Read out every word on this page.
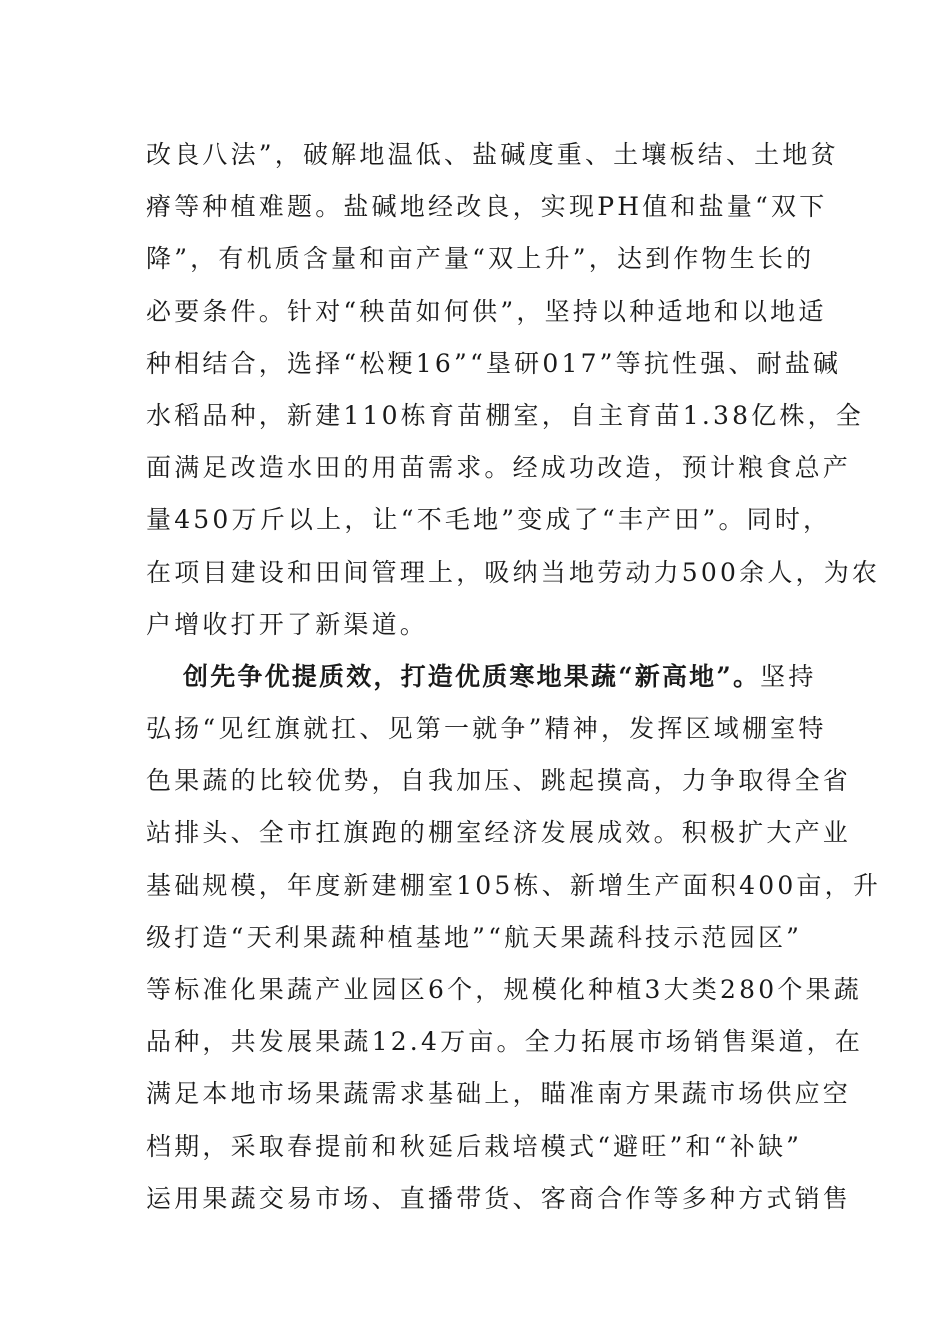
改良八法”，破解地温低、盐碱度重、土壤板结、土地贫
瘠等种植难题。盐碱地经改良，实现PH值和盐量“双下
降”，有机质含量和亩产量“双上升”，达到作物生长的
必要条件。针对“秧苗如何供”，坚持以种适地和以地适
种相结合，选择“松粳16”“垦研017”等抗性强、耐盐碱
水稻品种，新建110栋育苗棚室，自主育苗1.38亿株，全
面满足改造水田的用苗需求。经成功改造，预计粮食总产
量450万斤以上，让“不毛地”变成了“丰产田”。同时，
在项目建设和田间管理上，吸纳当地劳动力500余人，为农
户增收打开了新渠道。
创先争优提质效，打造优质寒地果蔬“新高地”。坚持
弘扬“见红旗就扛、见第一就争”精神，发挥区域棚室特
色果蔬的比较优势，自我加压、跳起摸高，力争取得全省
站排头、全市扛旗跑的棚室经济发展成效。积极扩大产业
基础规模，年度新建棚室105栋、新增生产面积400亩，升
级打造“天利果蔬种植基地”“航天果蔬科技示范园区”
等标准化果蔬产业园区6个，规模化种植3大类280个果蔬
品种，共发展果蔬12.4万亩。全力拓展市场销售渠道，在
满足本地市场果蔬需求基础上，瞄准南方果蔬市场供应空
档期，采取春提前和秋延后栽培模式“避旺”和“补缺”
运用果蔬交易市场、直播带货、客商合作等多种方式销售
